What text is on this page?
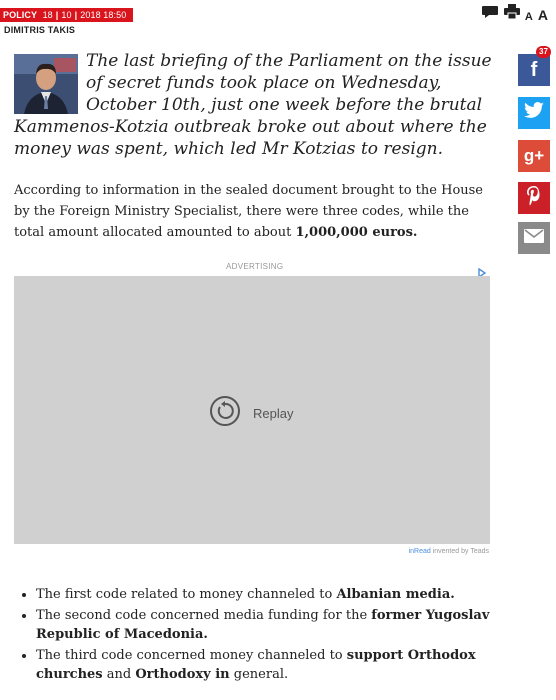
POLICY 18 | 10 | 2018 18:50
DIMITRIS TAKIS
A A

The last briefing of the Parliament on the issue of secret funds took place on Wednesday, October 10th, just one week before the brutal Kammenos-Kotzia outbreak broke out about where the money was spent, which led Mr Kotzias to resign.

f
37
g+

According to information in the sealed document brought to the House by the Foreign Ministry Specialist, there were three codes, while the total amount allocated amounted to about 1,000,000 euros.

ADVERTISING
Replay
inRead invented by Teads
• The first code related to money channeled to Albanian media.
• The second code concerned media funding for the former Yugoslav Republic of Macedonia.
• The third code concerned money channeled to support Orthodox churches and Orthodoxy in general.
